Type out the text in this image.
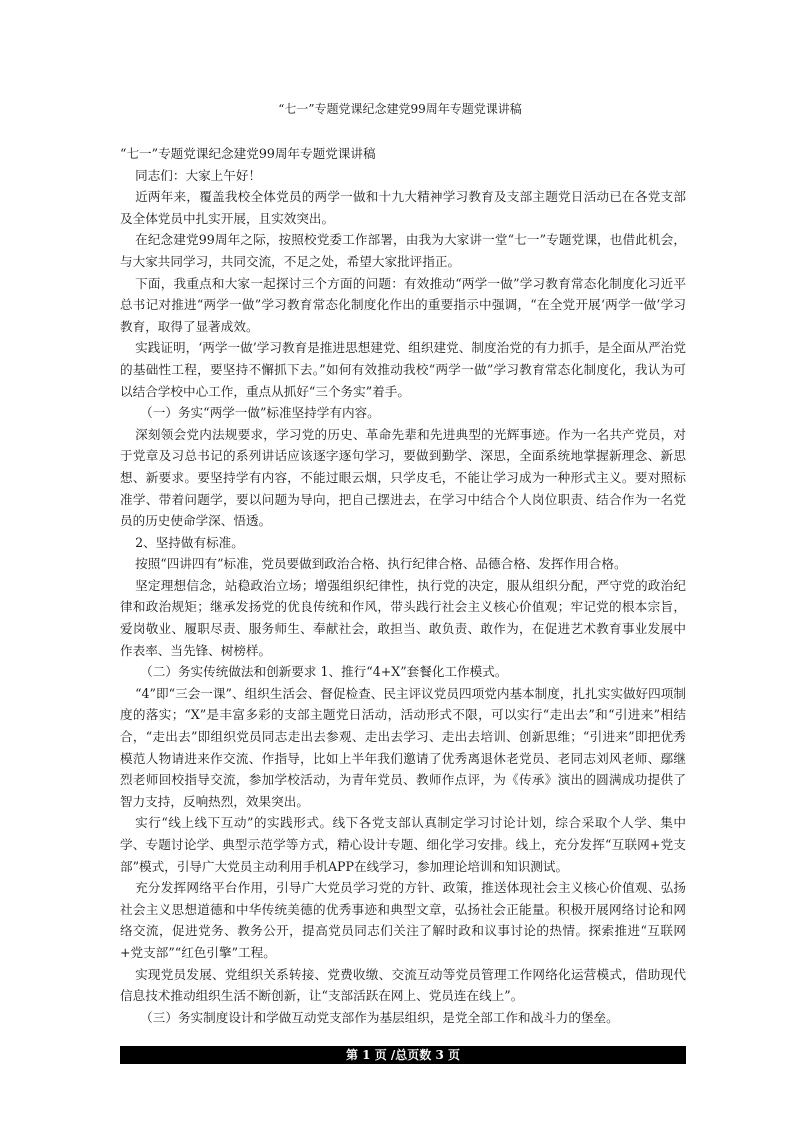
“七一”专题党课纪念建党99周年专题党课讲稿

“七一”专题党课纪念建党99周年专题党课讲稿

同志们：大家上午好！

近两年来，覆盖我校全体党员的两学一做和十九大精神学习教育及支部主题党日活动已在各党支部及全体党员中扎实开展，且实效突出。

在纪念建党99周年之际，按照校党委工作部署，由我为大家讲一堂“七一”专题党课，也借此机会，与大家共同学习，共同交流，不足之处，希望大家批评指正。

下面，我重点和大家一起探讨三个方面的问题：有效推动“两学一做”学习教育常态化制度化习近平总书记对推进“两学一做”学习教育常态化制度化作出的重要指示中强调，“在全党开展‘两学一做’学习教育，取得了显著成效。

实践证明，‘两学一做’学习教育是推进思想建党、组织建党、制度治党的有力抓手，是全面从严治党的基础性工程，要坚持不懈抓下去。”如何有效推动我校“两学一做”学习教育常态化制度化，我认为可以结合学校中心工作，重点从抓好“三个务实”着手。

（一）务实“两学一做”标准坚持学有内容。

深刻领会党内法规要求，学习党的历史、革命先辈和先进典型的光辉事迹。作为一名共产党员，对于党章及习总书记的系列讲话应该逐字逐句学习，要做到勤学、深思，全面系统地掌握新理念、新思想、新要求。要坚持学有内容，不能过眼云烟，只学皮毛，不能让学习成为一种形式主义。要对照标准学、带着问题学，要以问题为导向，把自己摆进去，在学习中结合个人岗位职责、结合作为一名党员的历史使命学深、悟透。

2、坚持做有标准。

按照“四讲四有”标准，党员要做到政治合格、执行纪律合格、品德合格、发挥作用合格。

坚定理想信念，站稳政治立场；增强组织纪律性，执行党的决定，服从组织分配，严守党的政治纪律和政治规矩；继承发扬党的优良传统和作风，带头践行社会主义核心价值观；牢记党的根本宗旨，爱岗敬业、履职尽责、服务师生、奉献社会，敢担当、敢负责、敢作为，在促进艺术教育事业发展中作表率、当先锋、树榜样。

（二）务实传统做法和创新要求 1、推行“4+X”套餐化工作模式。

“4”即“三会一课”、组织生活会、督促检查、民主评议党员四项党内基本制度，扎扎实实做好四项制度的落实；“X”是丰富多彩的支部主题党日活动，活动形式不限，可以实行“走出去”和“引进来”相结合，“走出去”即组织党员同志走出去参观、走出去学习、走出去培训、创新思维；“引进来”即把优秀模范人物请进来作交流、作指导，比如上半年我们邀请了优秀离退休老党员、老同志刘风老师、鄢继烈老师回校指导交流，参加学校活动，为青年党员、教师作点评，为《传承》演出的圆满成功提供了智力支持，反响热烈，效果突出。

实行“线上线下互动”的实践形式。线下各党支部认真制定学习讨论计划，综合采取个人学、集中学、专题讨论学、典型示范学等方式，精心设计专题、细化学习安排。线上，充分发挥“互联网+党支部”模式，引导广大党员主动利用手机APP在线学习，参加理论培训和知识测试。

充分发挥网络平台作用，引导广大党员学习党的方针、政策，推送体现社会主义核心价值观、弘扬社会主义思想道德和中华传统美德的优秀事迹和典型文章，弘扬社会正能量。积极开展网络讨论和网络交流，促进党务、教务公开，提高党员同志们关注了解时政和议事讨论的热情。探索推进“互联网+党支部”“红色引擎”工程。

实现党员发展、党组织关系转接、党费收缴、交流互动等党员管理工作网络化运营模式，借助现代信息技术推动组织生活不断创新，让“支部活跃在网上、党员连在线上”。

（三）务实制度设计和学做互动党支部作为基层组织，是党全部工作和战斗力的堡垒。

第 1 页 /总页数 3 页
